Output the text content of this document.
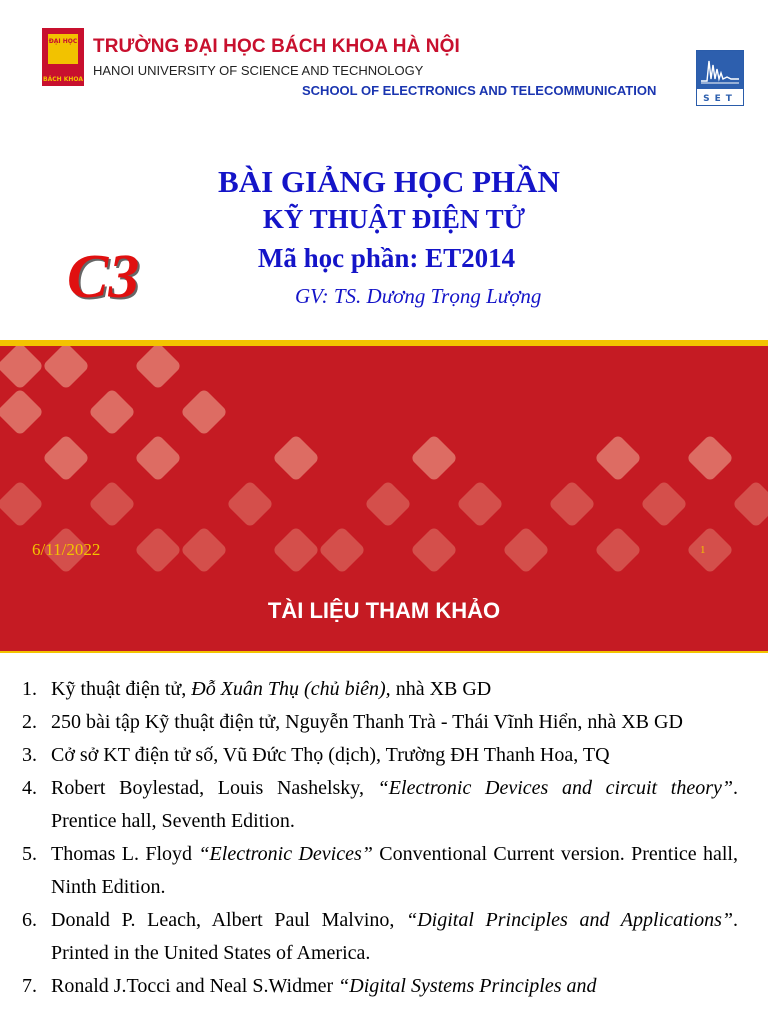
ĐẠI HỌC
BÁCH KHOA
TRƯỜNG ĐẠI HỌC BÁCH KHOA HÀ NỘI
HANOI UNIVERSITY OF SCIENCE AND TECHNOLOGY
SCHOOL OF ELECTRONICS AND TELECOMMUNICATION
SET
BÀI GIẢNG HỌC PHẦN
KỸ THUẬT ĐIỆN TỬ
Mã học phần: ET2014
C3	GV: TS. Dương Trọng Lượng
6/11/2022	1
TÀI LIỆU THAM KHẢO
1. Kỹ thuật điện tử, Đỗ Xuân Thụ (chủ biên), nhà XB GD
2. 250 bài tập Kỹ thuật điện tử, Nguyễn Thanh Trà - Thái Vĩnh Hiển, nhà XB GD
3. Cở sở KT điện tử số, Vũ Đức Thọ (dịch), Trường ĐH Thanh Hoa, TQ
4. Robert Boylestad, Louis Nashelsky, “Electronic Devices and circuit theory”. Prentice hall, Seventh Edition.
5. Thomas L. Floyd “Electronic Devices” Conventional Current version. Prentice hall, Ninth Edition.
6. Donald P. Leach, Albert Paul Malvino, “Digital Principles and Applications”. Printed in the United States of America.
7. Ronald J.Tocci and Neal S.Widmer “Digital Systems Principles and
